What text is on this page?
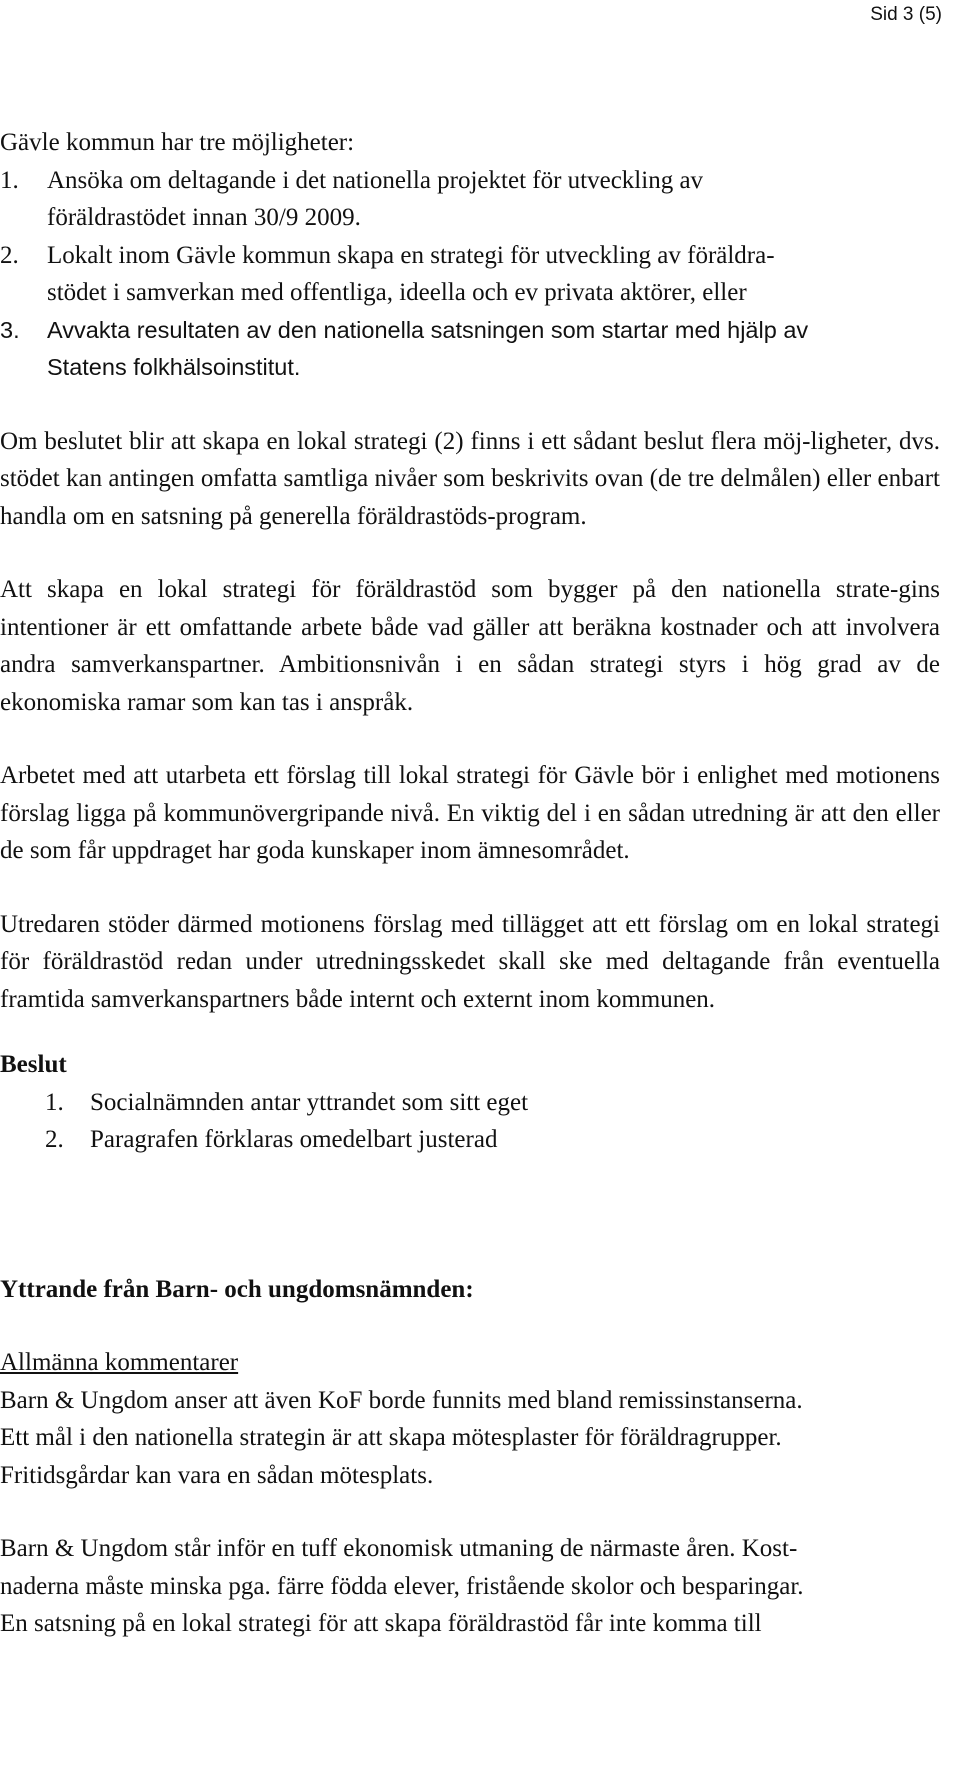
Sid 3 (5)

Gävle kommun har tre möjligheter:

1.	Ansöka om deltagande i det nationella projektet för utveckling av
föräldrastödet innan 30/9 2009.
2.	Lokalt inom Gävle kommun skapa en strategi för utveckling av föräldra-
stödet i samverkan med offentliga, ideella och ev privata aktörer, eller
3.	Avvakta resultaten av den nationella satsningen som startar med hjälp av
Statens folkhälsoinstitut.

Om beslutet blir att skapa en lokal strategi (2) finns i ett sådant beslut flera möj-ligheter, dvs. stödet kan antingen omfatta samtliga nivåer som beskrivits ovan (de tre delmålen) eller enbart handla om en satsning på generella föräldrastöds-program.

Att skapa en lokal strategi för föräldrastöd som bygger på den nationella strate-gins intentioner är ett omfattande arbete både vad gäller att beräkna kostnader och att involvera andra samverkanspartner. Ambitionsnivån i en sådan strategi styrs i hög grad av de ekonomiska ramar som kan tas i anspråk.

Arbetet med att utarbeta ett förslag till lokal strategi för Gävle bör i enlighet med motionens förslag ligga på kommunövergripande nivå. En viktig del i en sådan utredning är att den eller de som får uppdraget har goda kunskaper inom ämnesområdet.

Utredaren stöder därmed motionens förslag med tillägget att ett förslag om en lokal strategi för föräldrastöd redan under utredningsskedet skall ske med deltagande från eventuella framtida samverkanspartners både internt och externt inom kommunen.

Beslut

1.	Socialnämnden antar yttrandet som sitt eget
2.	Paragrafen förklaras omedelbart justerad

Yttrande från Barn- och ungdomsnämnden:

Allmänna kommentarer

Barn & Ungdom anser att även KoF borde funnits med bland remissinstanserna.
Ett mål i den nationella strategin är att skapa mötesplaster för föräldragrupper.
Fritidsgårdar kan vara en sådan mötesplats.

Barn & Ungdom står inför en tuff ekonomisk utmaning de närmaste åren. Kost-
naderna måste minska pga. färre födda elever, fristående skolor och besparingar.
En satsning på en lokal strategi för att skapa föräldrastöd får inte komma till
